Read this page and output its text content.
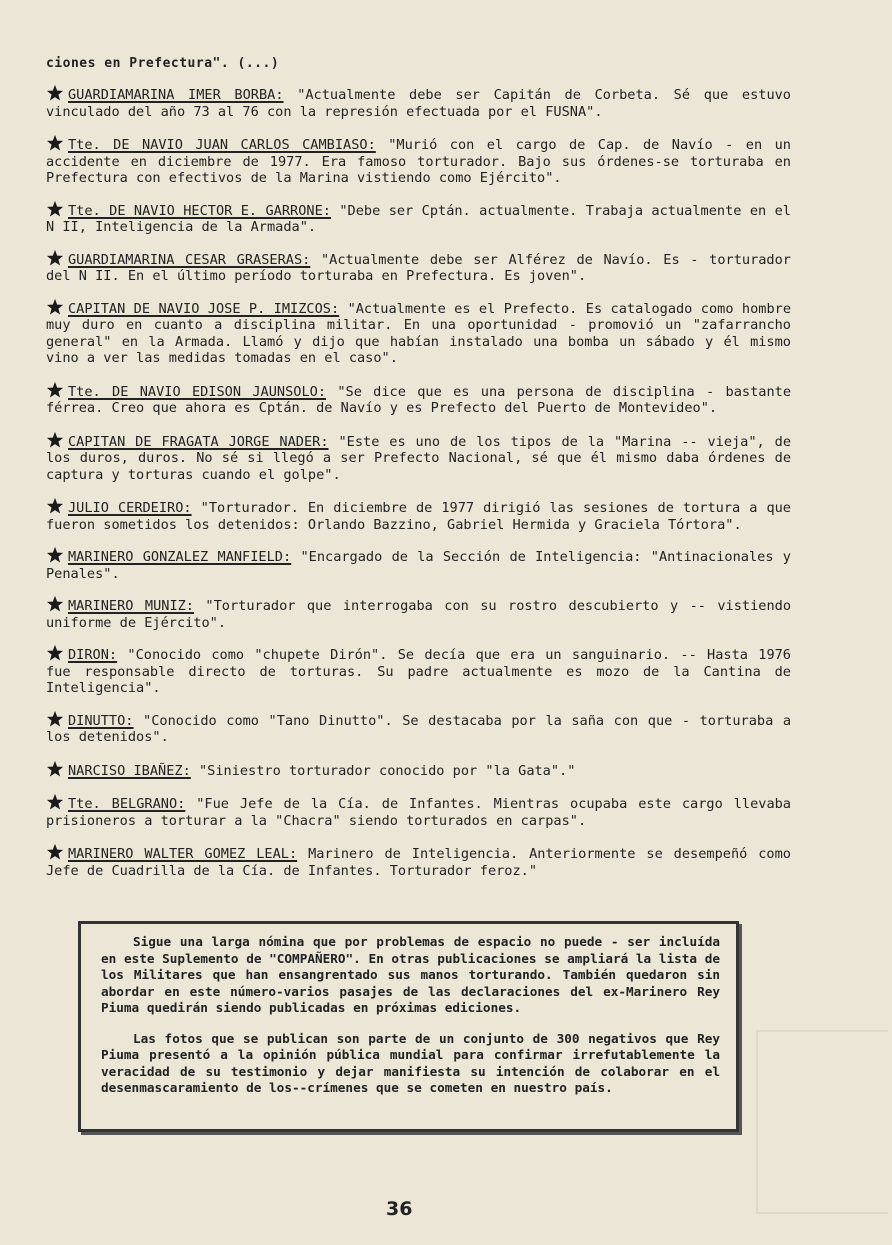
ciones en Prefectura". (...)

GUARDIAMARINA IMER BORBA: "Actualmente debe ser Capitán de Corbeta. Sé que estuvo vinculado del año 73 al 76 con la represión efectuada por el FUSNA".

Tte. DE NAVIO JUAN CARLOS CAMBIASO: "Murió con el cargo de Cap. de Navío - en un accidente en diciembre de 1977. Era famoso torturador. Bajo sus órdenes-se torturaba en Prefectura con efectivos de la Marina vistiendo como Ejército".

Tte. DE NAVIO HECTOR E. GARRONE: "Debe ser Cptán. actualmente. Trabaja actualmente en el N II, Inteligencia de la Armada".

GUARDIAMARINA CESAR GRASERAS: "Actualmente debe ser Alférez de Navío. Es - torturador del N II. En el último período torturaba en Prefectura. Es joven".

CAPITAN DE NAVIO JOSE P. IMIZCOS: "Actualmente es el Prefecto. Es catalogado como hombre muy duro en cuanto a disciplina militar. En una oportunidad - promovió un "zafarrancho general" en la Armada. Llamó y dijo que habían instalado una bomba un sábado y él mismo vino a ver las medidas tomadas en el caso".

Tte. DE NAVIO EDISON JAUNSOLO: "Se dice que es una persona de disciplina - bastante férrea. Creo que ahora es Cptán. de Navío y es Prefecto del Puerto de Montevideo".

CAPITAN DE FRAGATA JORGE NADER: "Este es uno de los tipos de la "Marina -- vieja", de los duros, duros. No sé si llegó a ser Prefecto Nacional, sé que él mismo daba órdenes de captura y torturas cuando el golpe".

JULIO CERDEIRO: "Torturador. En diciembre de 1977 dirigió las sesiones de tortura a que fueron sometidos los detenidos: Orlando Bazzino, Gabriel Hermida y Graciela Tórtora".

MARINERO GONZALEZ MANFIELD: "Encargado de la Sección de Inteligencia: "Antinacionales y Penales".

MARINERO MUNIZ: "Torturador que interrogaba con su rostro descubierto y -- vistiendo uniforme de Ejército".

DIRON: "Conocido como "chupete Dirón". Se decía que era un sanguinario. -- Hasta 1976 fue responsable directo de torturas. Su padre actualmente es mozo de la Cantina de Inteligencia".

DINUTTO: "Conocido como "Tano Dinutto". Se destacaba por la saña con que - torturaba a los detenidos".

NARCISO IBAÑEZ: "Siniestro torturador conocido por "la Gata"."

Tte. BELGRANO: "Fue Jefe de la Cía. de Infantes. Mientras ocupaba este cargo llevaba prisioneros a torturar a la "Chacra" siendo torturados en carpas".

MARINERO WALTER GOMEZ LEAL: Marinero de Inteligencia. Anteriormente se desempeñó como Jefe de Cuadrilla de la Cía. de Infantes. Torturador feroz."

Sigue una larga nómina que por problemas de espacio no puede - ser incluída en este Suplemento de "COMPAÑERO". En otras publicaciones se ampliará la lista de los Militares que han ensangrentado sus manos torturando. También quedaron sin abordar en este número-varios pasajes de las declaraciones del ex-Marinero Rey Piuma quedirán siendo publicadas en próximas ediciones.

Las fotos que se publican son parte de un conjunto de 300 negativos que Rey Piuma presentó a la opinión pública mundial para confirmar irrefutablemente la veracidad de su testimonio y dejar manifiesta su intención de colaborar en el desenmascaramiento de los--crímenes que se cometen en nuestro país.

36
